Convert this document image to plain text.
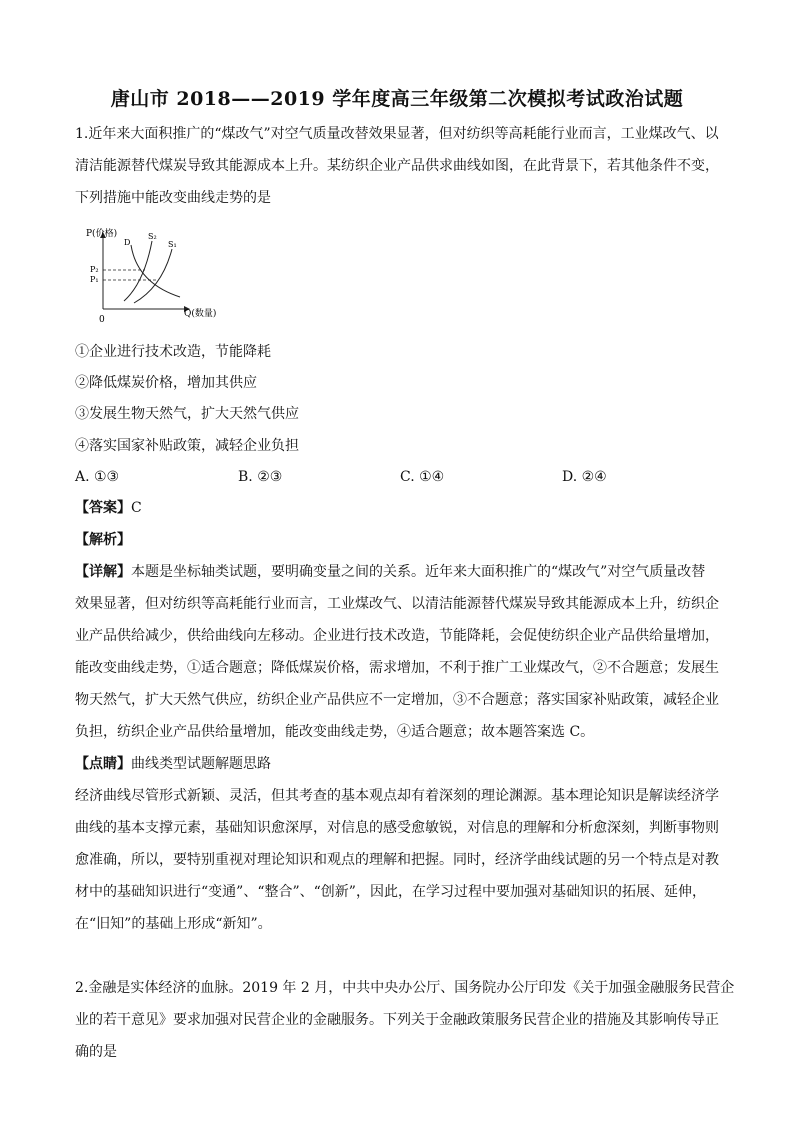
唐山市 2018——2019 学年度高三年级第二次模拟考试政治试题
1.近年来大面积推广的“煤改气”对空气质量改替效果显著，但对纺织等高耗能行业而言，工业煤改气、以
清洁能源替代煤炭导致其能源成本上升。某纺织企业产品供求曲线如图，在此背景下，若其他条件不变，
下列措施中能改变曲线走势的是
P(价格)
Q(数量)
0
D
S₂
S₁
P₂
P₁
①企业进行技术改造，节能降耗
②降低煤炭价格，增加其供应
③发展生物天然气，扩大天然气供应
④落实国家补贴政策，减轻企业负担
A. ①③	B. ②③	C. ①④	D. ②④
【答案】C
【解析】
【详解】本题是坐标轴类试题，要明确变量之间的关系。近年来大面积推广的“煤改气”对空气质量改替
效果显著，但对纺织等高耗能行业而言，工业煤改气、以清洁能源替代煤炭导致其能源成本上升，纺织企
业产品供给减少，供给曲线向左移动。企业进行技术改造，节能降耗，会促使纺织企业产品供给量增加，
能改变曲线走势，①适合题意；降低煤炭价格，需求增加，不利于推广工业煤改气，②不合题意；发展生
物天然气，扩大天然气供应，纺织企业产品供应不一定增加，③不合题意；落实国家补贴政策，减轻企业
负担，纺织企业产品供给量增加，能改变曲线走势，④适合题意；故本题答案选 C。
【点睛】曲线类型试题解题思路
经济曲线尽管形式新颖、灵活，但其考查的基本观点却有着深刻的理论渊源。基本理论知识是解读经济学
曲线的基本支撑元素，基础知识愈深厚，对信息的感受愈敏锐，对信息的理解和分析愈深刻，判断事物则
愈准确，所以，要特别重视对理论知识和观点的理解和把握。同时，经济学曲线试题的另一个特点是对教
材中的基础知识进行“变通”、“整合”、“创新”，因此，在学习过程中要加强对基础知识的拓展、延伸，
在“旧知”的基础上形成“新知”。
2.金融是实体经济的血脉。2019 年 2 月，中共中央办公厅、国务院办公厅印发《关于加强金融服务民营企
业的若干意见》要求加强对民营企业的金融服务。下列关于金融政策服务民营企业的措施及其影响传导正
确的是
